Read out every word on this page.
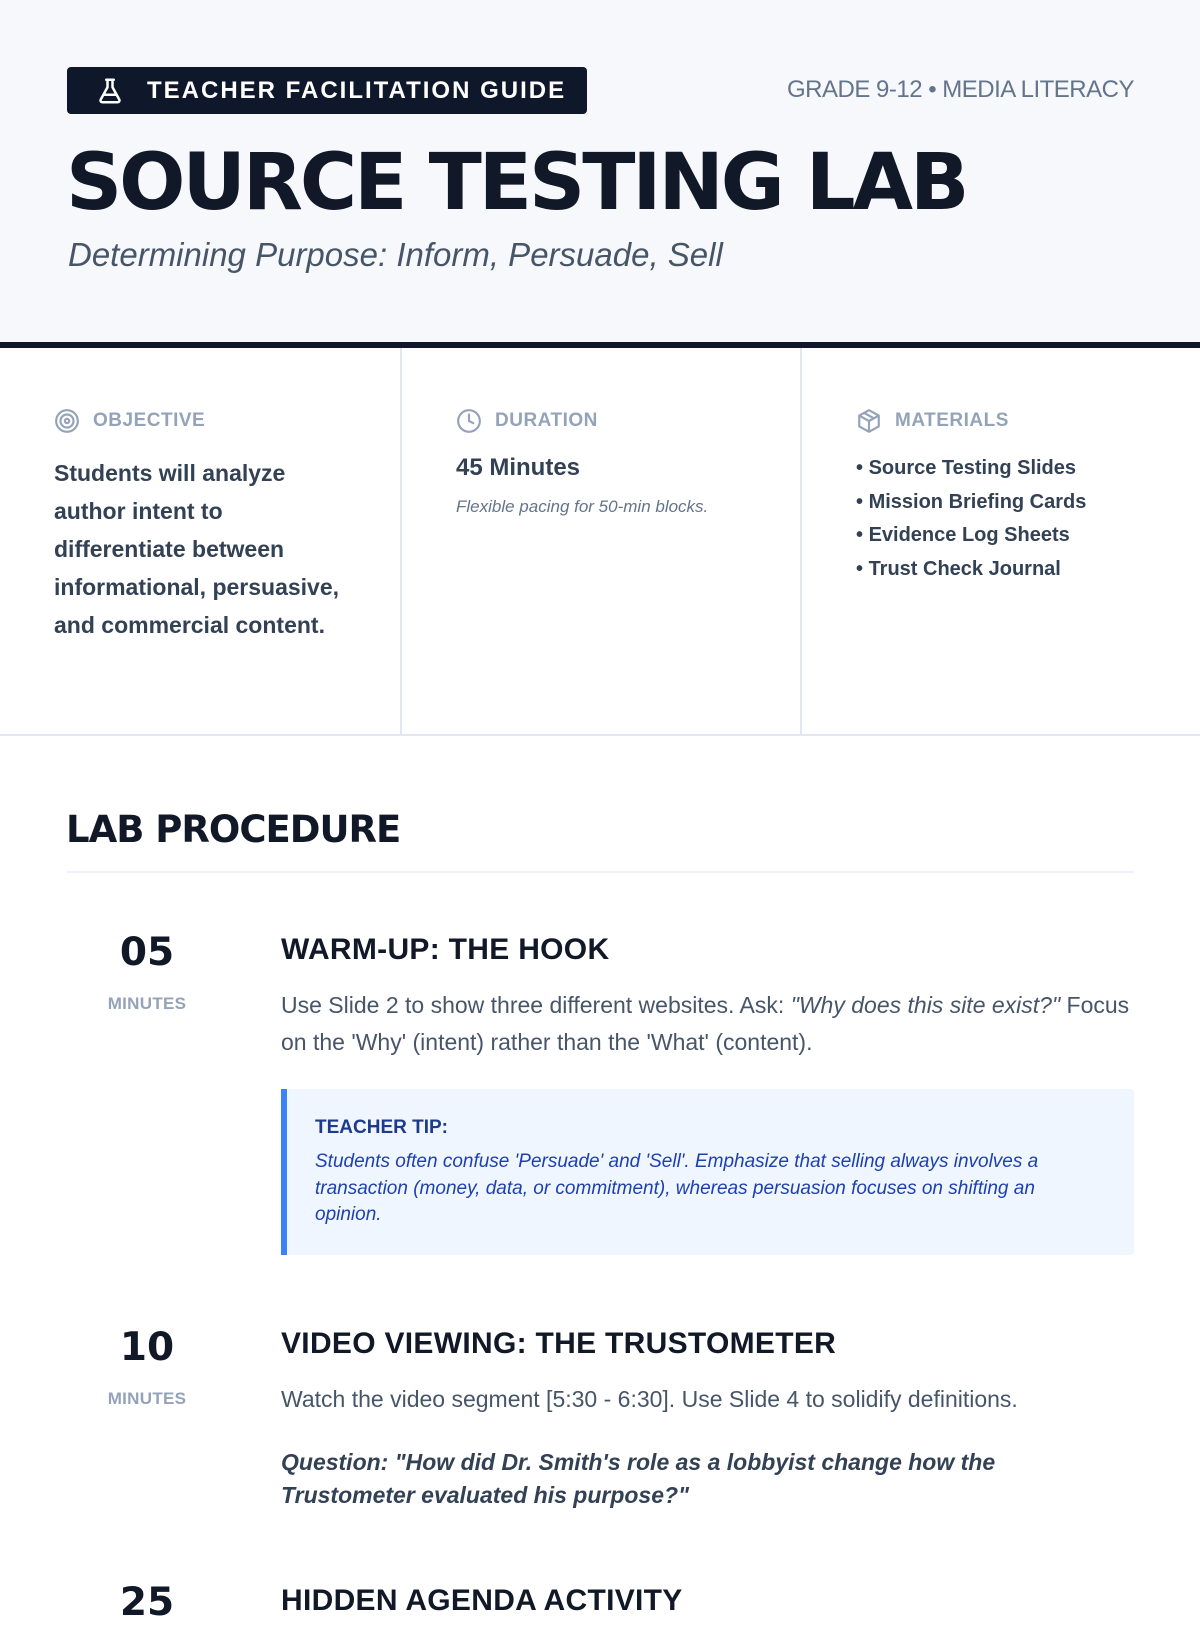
TEACHER FACILITATION GUIDE	GRADE 9-12 • MEDIA LITERACY
SOURCE TESTING LAB
Determining Purpose: Inform, Persuade, Sell
OBJECTIVE
Students will analyze author intent to differentiate between informational, persuasive, and commercial content.
DURATION
45 Minutes
Flexible pacing for 50-min blocks.
MATERIALS
• Source Testing Slides
• Mission Briefing Cards
• Evidence Log Sheets
• Trust Check Journal
LAB PROCEDURE
05
MINUTES
WARM-UP: THE HOOK
Use Slide 2 to show three different websites. Ask: "Why does this site exist?" Focus on the 'Why' (intent) rather than the 'What' (content).
TEACHER TIP:
Students often confuse 'Persuade' and 'Sell'. Emphasize that selling always involves a transaction (money, data, or commitment), whereas persuasion focuses on shifting an opinion.
10
MINUTES
VIDEO VIEWING: THE TRUSTOMETER
Watch the video segment [5:30 - 6:30]. Use Slide 4 to solidify definitions.
Question: "How did Dr. Smith's role as a lobbyist change how the Trustometer evaluated his purpose?"
25	HIDDEN AGENDA ACTIVITY
